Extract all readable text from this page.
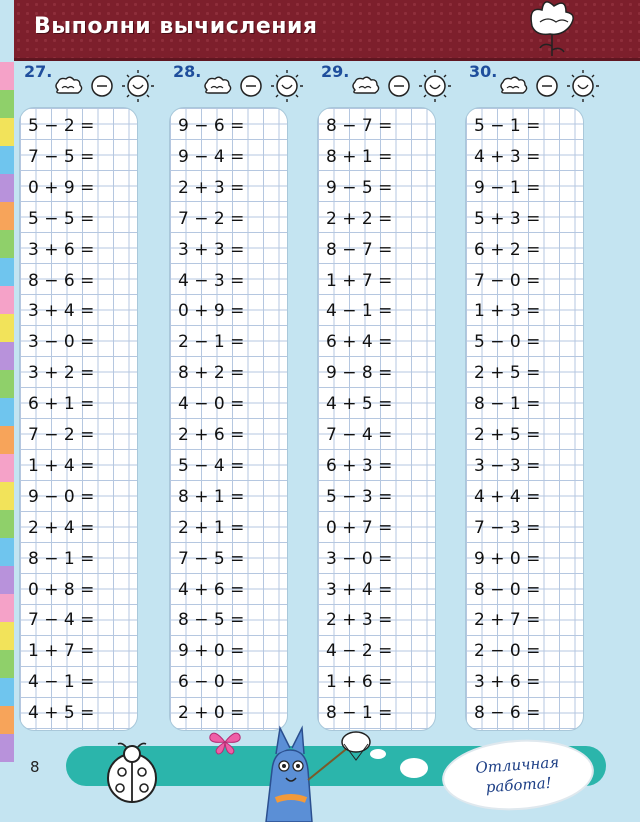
Выполни вычисления
27.
5 − 2 =
7 − 5 =
0 + 9 =
5 − 5 =
3 + 6 =
8 − 6 =
3 + 4 =
3 − 0 =
3 + 2 =
6 + 1 =
7 − 2 =
1 + 4 =
9 − 0 =
2 + 4 =
8 − 1 =
0 + 8 =
7 − 4 =
1 + 7 =
4 − 1 =
4 + 5 =
28.
9 − 6 =
9 − 4 =
2 + 3 =
7 − 2 =
3 + 3 =
4 − 3 =
0 + 9 =
2 − 1 =
8 + 2 =
4 − 0 =
2 + 6 =
5 − 4 =
8 + 1 =
2 + 1 =
7 − 5 =
4 + 6 =
8 − 5 =
9 + 0 =
6 − 0 =
2 + 0 =
29.
8 − 7 =
8 + 1 =
9 − 5 =
2 + 2 =
8 − 7 =
1 + 7 =
4 − 1 =
6 + 4 =
9 − 8 =
4 + 5 =
7 − 4 =
6 + 3 =
5 − 3 =
0 + 7 =
3 − 0 =
3 + 4 =
2 + 3 =
4 − 2 =
1 + 6 =
8 − 1 =
30.
5 − 1 =
4 + 3 =
9 − 1 =
5 + 3 =
6 + 2 =
7 − 0 =
1 + 3 =
5 − 0 =
2 + 5 =
8 − 1 =
2 + 5 =
3 − 3 =
4 + 4 =
7 − 3 =
9 + 0 =
8 − 0 =
2 + 7 =
2 − 0 =
3 + 6 =
8 − 6 =
8	Отличная
работа!
